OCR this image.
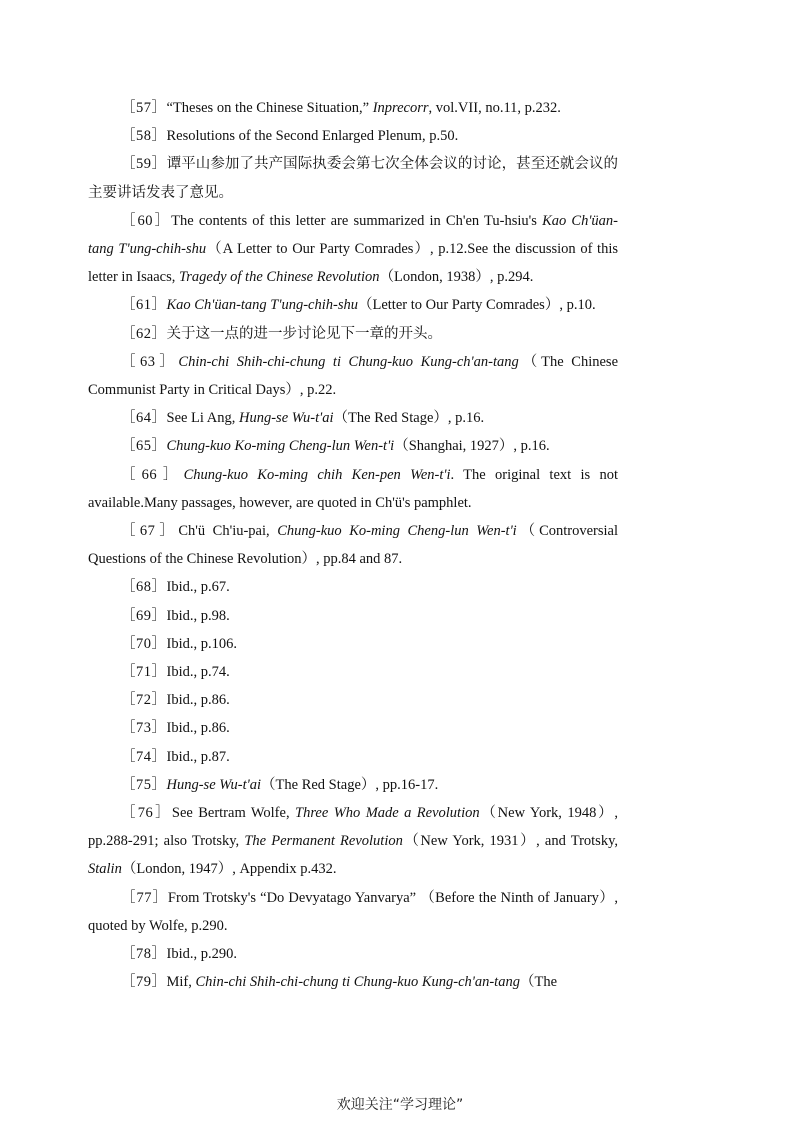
［57］“Theses on the Chinese Situation,” Inprecorr, vol.VII, no.11, p.232.

［58］Resolutions of the Second Enlarged Plenum, p.50.

［59］谭平山参加了共产国际执委会第七次全体会议的讨论，甚至还就会议的主要讲话发表了意见。

［60］The contents of this letter are summarized in Ch'en Tu-hsiu's Kao Ch'üan-tang T'ung-chih-shu（A Letter to Our Party Comrades）, p.12.See the discussion of this letter in Isaacs, Tragedy of the Chinese Revolution（London, 1938）, p.294.

［61］Kao Ch'üan-tang T'ung-chih-shu（Letter to Our Party Comrades）, p.10.

［62］关于这一点的进一步讨论见下一章的开头。

［63］Chin-chi Shih-chi-chung ti Chung-kuo Kung-ch'an-tang（The Chinese Communist Party in Critical Days）, p.22.

［64］See Li Ang, Hung-se Wu-t'ai（The Red Stage）, p.16.

［65］Chung-kuo Ko-ming Cheng-lun Wen-t'i（Shanghai, 1927）, p.16.

［66］Chung-kuo Ko-ming chih Ken-pen Wen-t'i. The original text is not available.Many passages, however, are quoted in Ch'ü's pamphlet.

［67］Ch'ü Ch'iu-pai, Chung-kuo Ko-ming Cheng-lun Wen-t'i（Controversial Questions of the Chinese Revolution）, pp.84 and 87.

［68］Ibid., p.67.

［69］Ibid., p.98.

［70］Ibid., p.106.

［71］Ibid., p.74.

［72］Ibid., p.86.

［73］Ibid., p.86.

［74］Ibid., p.87.

［75］Hung-se Wu-t'ai（The Red Stage）, pp.16-17.

［76］See Bertram Wolfe, Three Who Made a Revolution（New York, 1948）, pp.288-291; also Trotsky, The Permanent Revolution（New York, 1931）, and Trotsky, Stalin（London, 1947）, Appendix p.432.

［77］From Trotsky's “Do Devyatago Yanvarya” （Before the Ninth of January）, quoted by Wolfe, p.290.

［78］Ibid., p.290.

［79］Mif, Chin-chi Shih-chi-chung ti Chung-kuo Kung-ch'an-tang（The

欢迎关注“学习理论”
